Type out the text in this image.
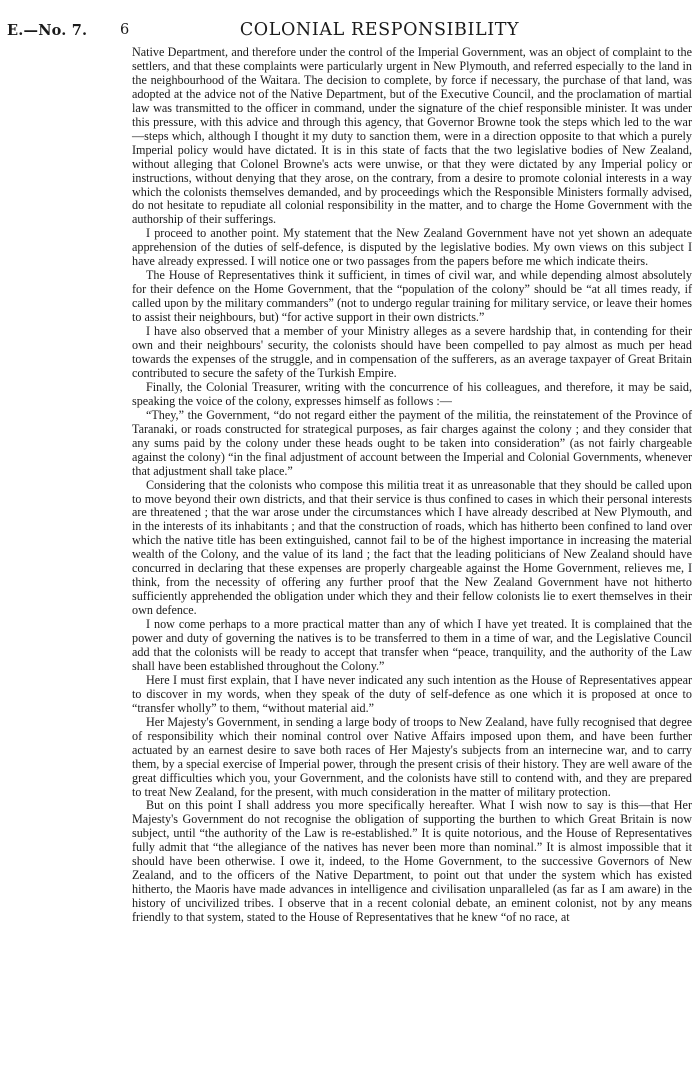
E.—No. 7. 6	COLONIAL RESPONSIBILITY

Native Department, and therefore under the control of the Imperial Government, was an object of complaint to the settlers, and that these complaints were particularly urgent in New Plymouth, and referred especially to the land in the neighbourhood of the Waitara. The decision to complete, by force if necessary, the purchase of that land, was adopted at the advice not of the Native Department, but of the Executive Council, and the proclamation of martial law was transmitted to the officer in command, under the signature of the chief responsible minister. It was under this pressure, with this advice and through this agency, that Governor Browne took the steps which led to the war—steps which, although I thought it my duty to sanction them, were in a direction opposite to that which a purely Imperial policy would have dictated. It is in this state of facts that the two legislative bodies of New Zealand, without alleging that Colonel Browne's acts were unwise, or that they were dictated by any Imperial policy or instructions, without denying that they arose, on the contrary, from a desire to promote colonial interests in a way which the colonists themselves demanded, and by proceedings which the Responsible Ministers formally advised, do not hesitate to repudiate all colonial responsibility in the matter, and to charge the Home Government with the authorship of their sufferings.

I proceed to another point. My statement that the New Zealand Government have not yet shown an adequate apprehension of the duties of self-defence, is disputed by the legislative bodies. My own views on this subject I have already expressed. I will notice one or two passages from the papers before me which indicate theirs.

The House of Representatives think it sufficient, in times of civil war, and while depending almost absolutely for their defence on the Home Government, that the “population of the colony” should be “at all times ready, if called upon by the military commanders” (not to undergo regular training for military service, or leave their homes to assist their neighbours, but) “for active support in their own districts.”

I have also observed that a member of your Ministry alleges as a severe hardship that, in contending for their own and their neighbours' security, the colonists should have been compelled to pay almost as much per head towards the expenses of the struggle, and in compensation of the sufferers, as an average taxpayer of Great Britain contributed to secure the safety of the Turkish Empire.

Finally, the Colonial Treasurer, writing with the concurrence of his colleagues, and therefore, it may be said, speaking the voice of the colony, expresses himself as follows :—

“They,” the Government, “do not regard either the payment of the militia, the reinstatement of the Province of Taranaki, or roads constructed for strategical purposes, as fair charges against the colony ; and they consider that any sums paid by the colony under these heads ought to be taken into consideration” (as not fairly chargeable against the colony) “in the final adjustment of account between the Imperial and Colonial Governments, whenever that adjustment shall take place.”

Considering that the colonists who compose this militia treat it as unreasonable that they should be called upon to move beyond their own districts, and that their service is thus confined to cases in which their personal interests are threatened ; that the war arose under the circumstances which I have already described at New Plymouth, and in the interests of its inhabitants ; and that the construction of roads, which has hitherto been confined to land over which the native title has been extinguished, cannot fail to be of the highest importance in increasing the material wealth of the Colony, and the value of its land ; the fact that the leading politicians of New Zealand should have concurred in declaring that these expenses are properly chargeable against the Home Government, relieves me, I think, from the necessity of offering any further proof that the New Zealand Government have not hitherto sufficiently apprehended the obligation under which they and their fellow colonists lie to exert themselves in their own defence.

I now come perhaps to a more practical matter than any of which I have yet treated. It is complained that the power and duty of governing the natives is to be transferred to them in a time of war, and the Legislative Council add that the colonists will be ready to accept that transfer when “peace, tranquility, and the authority of the Law shall have been established throughout the Colony.”

Here I must first explain, that I have never indicated any such intention as the House of Representatives appear to discover in my words, when they speak of the duty of self-defence as one which it is proposed at once to “transfer wholly” to them, “without material aid.”

Her Majesty's Government, in sending a large body of troops to New Zealand, have fully recognised that degree of responsibility which their nominal control over Native Affairs imposed upon them, and have been further actuated by an earnest desire to save both races of Her Majesty's subjects from an internecine war, and to carry them, by a special exercise of Imperial power, through the present crisis of their history. They are well aware of the great difficulties which you, your Government, and the colonists have still to contend with, and they are prepared to treat New Zealand, for the present, with much consideration in the matter of military protection.

But on this point I shall address you more specifically hereafter. What I wish now to say is this—that Her Majesty's Government do not recognise the obligation of supporting the burthen to which Great Britain is now subject, until “the authority of the Law is re-established.” It is quite notorious, and the House of Representatives fully admit that “the allegiance of the natives has never been more than nominal.” It is almost impossible that it should have been otherwise. I owe it, indeed, to the Home Government, to the successive Governors of New Zealand, and to the officers of the Native Department, to point out that under the system which has existed hitherto, the Maoris have made advances in intelligence and civilisation unparalleled (as far as I am aware) in the history of uncivilized tribes. I observe that in a recent colonial debate, an eminent colonist, not by any means friendly to that system, stated to the House of Representatives that he knew “of no race, at
